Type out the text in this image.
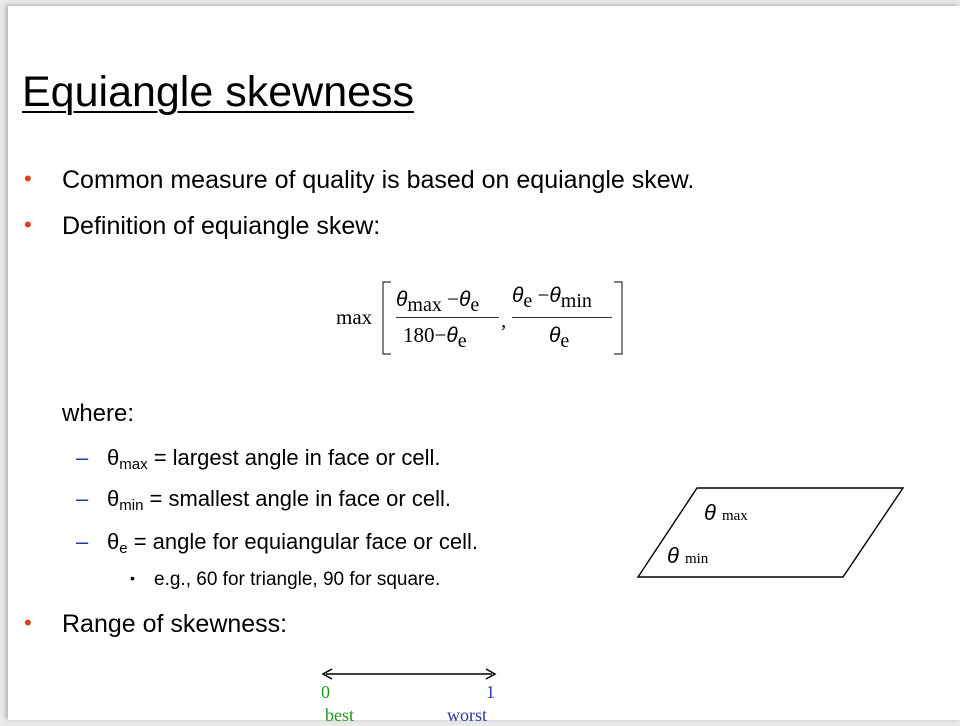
Equiangle skewness
• Common measure of quality is based on equiangle skew.
• Definition of equiangle skew:
max
θmax −θe
180−θe
,
θe −θmin
θe
where:
– $\theta_{max}$ = largest angle in face or cell.
– $\theta_{min}$ = smallest angle in face or cell.
– $\theta_e$ = angle for equiangular face or cell.
• e.g., 60 for triangle, 90 for square.
• Range of skewness:
θ max
θ min
0	1
best	worst
